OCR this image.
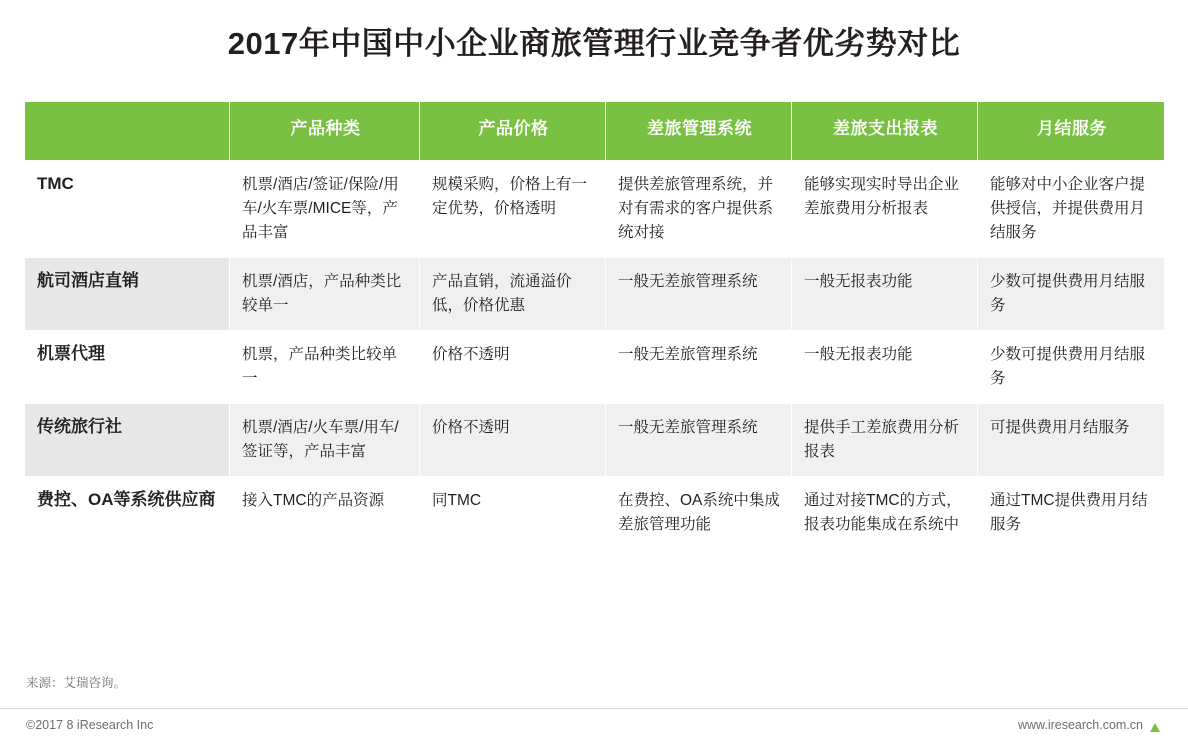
2017年中国中小企业商旅管理行业竞争者优劣势对比
	产品种类	产品价格	差旅管理系统	差旅支出报表	月结服务
TMC	机票/酒店/签证/保险/用车/火车票/MICE等，产品丰富	规模采购，价格上有一定优势，价格透明	提供差旅管理系统，并对有需求的客户提供系统对接	能够实现实时导出企业差旅费用分析报表	能够对中小企业客户提供授信，并提供费用月结服务
航司酒店直销	机票/酒店，产品种类比较单一	产品直销，流通溢价低，价格优惠	一般无差旅管理系统	一般无报表功能	少数可提供费用月结服务
机票代理	机票，产品种类比较单一	价格不透明	一般无差旅管理系统	一般无报表功能	少数可提供费用月结服务
传统旅行社	机票/酒店/火车票/用车/签证等，产品丰富	价格不透明	一般无差旅管理系统	提供手工差旅费用分析报表	可提供费用月结服务
费控、OA等系统供应商	接入TMC的产品资源	同TMC	在费控、OA系统中集成差旅管理功能	通过对接TMC的方式，报表功能集成在系统中	通过TMC提供费用月结服务
来源：艾瑞咨询。
©2017 8 iResearch Inc	www.iresearch.com.cn
